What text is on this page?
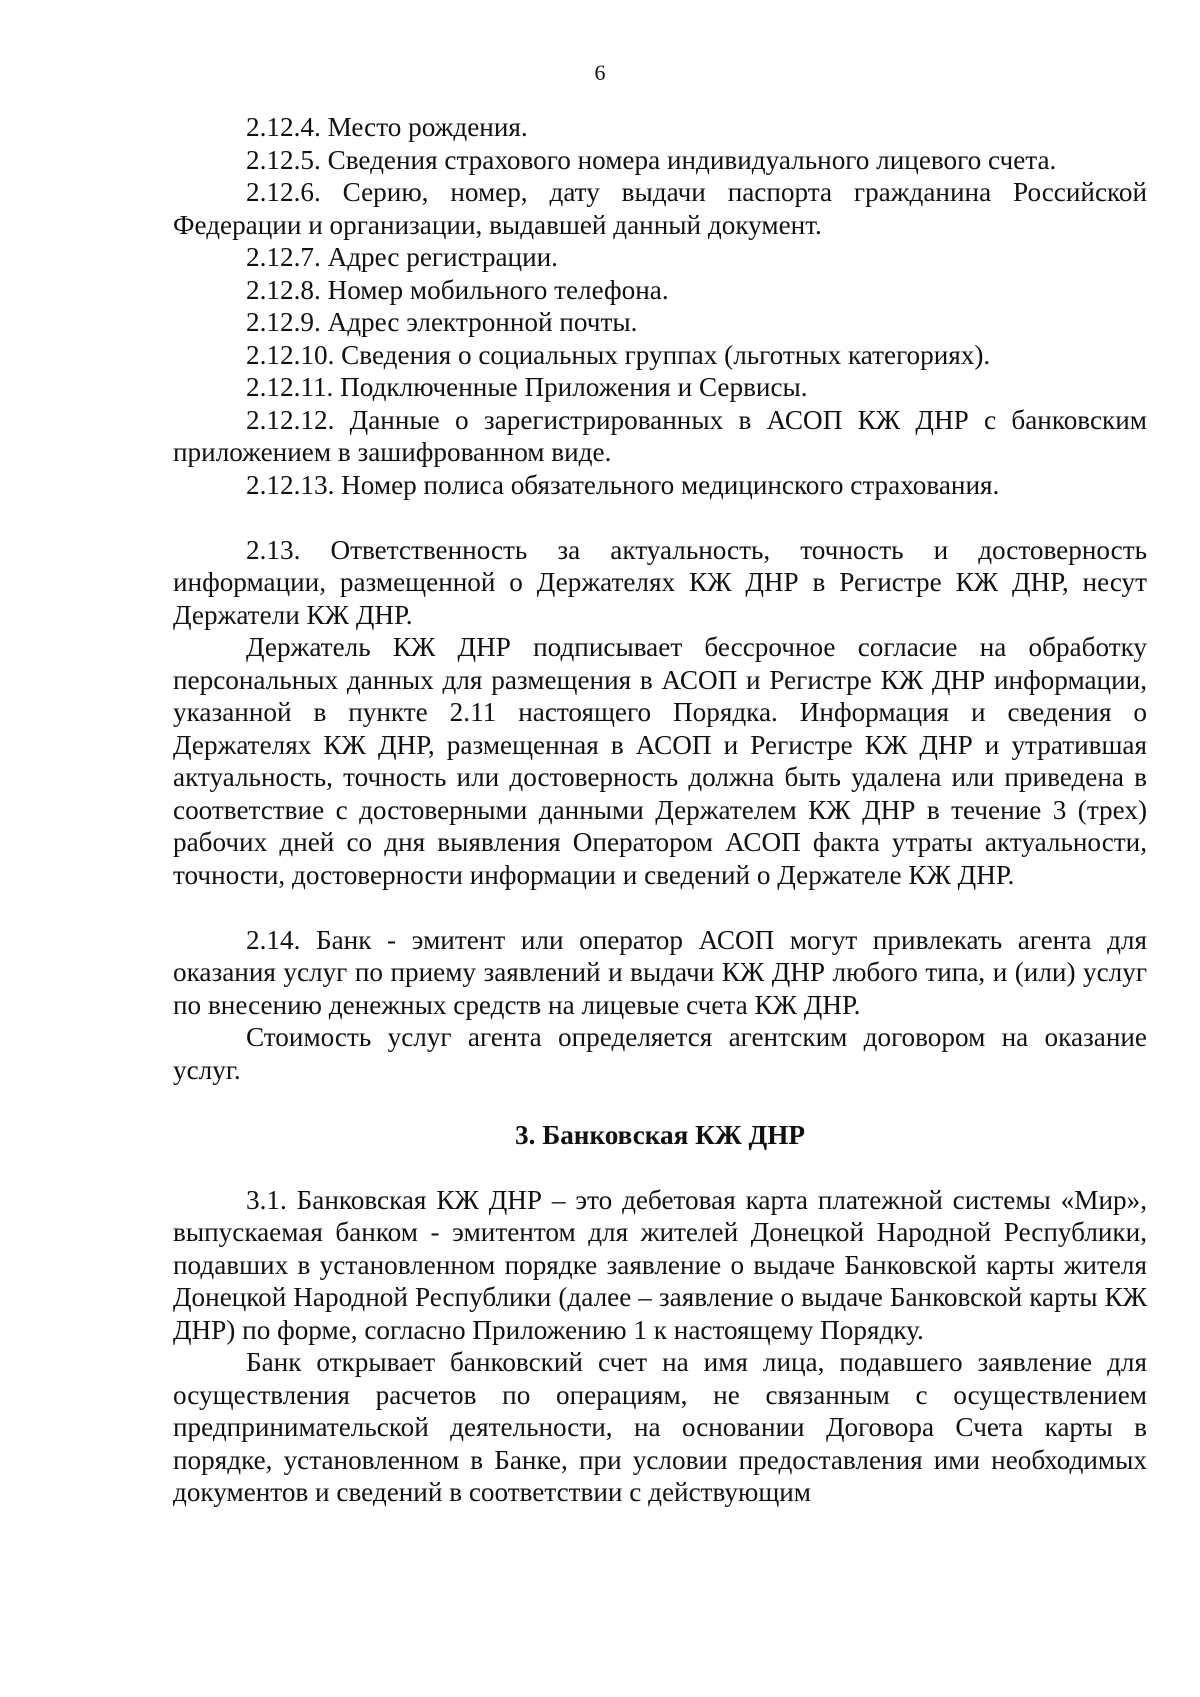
6

2.12.4. Место рождения.

2.12.5. Сведения страхового номера индивидуального лицевого счета.

2.12.6. Серию, номер, дату выдачи паспорта гражданина Российской Федерации и организации, выдавшей данный документ.

2.12.7. Адрес регистрации.

2.12.8. Номер мобильного телефона.

2.12.9. Адрес электронной почты.

2.12.10. Сведения о социальных группах (льготных категориях).

2.12.11. Подключенные Приложения и Сервисы.

2.12.12. Данные о зарегистрированных в АСОП КЖ ДНР с банковским приложением в зашифрованном виде.

2.12.13. Номер полиса обязательного медицинского страхования.

2.13. Ответственность за актуальность, точность и достоверность информации, размещенной о Держателях КЖ ДНР в Регистре КЖ ДНР, несут Держатели КЖ ДНР.

Держатель КЖ ДНР подписывает бессрочное согласие на обработку персональных данных для размещения в АСОП и Регистре КЖ ДНР информации, указанной в пункте 2.11 настоящего Порядка. Информация и сведения о Держателях КЖ ДНР, размещенная в АСОП и Регистре КЖ ДНР и утратившая актуальность, точность или достоверность должна быть удалена или приведена в соответствие с достоверными данными Держателем КЖ ДНР в течение 3 (трех) рабочих дней со дня выявления Оператором АСОП факта утраты актуальности, точности, достоверности информации и сведений о Держателе КЖ ДНР.

2.14. Банк - эмитент или оператор АСОП могут привлекать агента для оказания услуг по приему заявлений и выдачи КЖ ДНР любого типа, и (или) услуг по внесению денежных средств на лицевые счета КЖ ДНР.

Стоимость услуг агента определяется агентским договором на оказание услуг.

3. Банковская КЖ ДНР

3.1. Банковская КЖ ДНР – это дебетовая карта платежной системы «Мир», выпускаемая банком - эмитентом для жителей Донецкой Народной Республики, подавших в установленном порядке заявление о выдаче Банковской карты жителя Донецкой Народной Республики (далее – заявление о выдаче Банковской карты КЖ ДНР) по форме, согласно Приложению 1 к настоящему Порядку.

Банк открывает банковский счет на имя лица, подавшего заявление для осуществления расчетов по операциям, не связанным с осуществлением предпринимательской деятельности, на основании Договора Счета карты в порядке, установленном в Банке, при условии предоставления ими необходимых документов и сведений в соответствии с действующим
